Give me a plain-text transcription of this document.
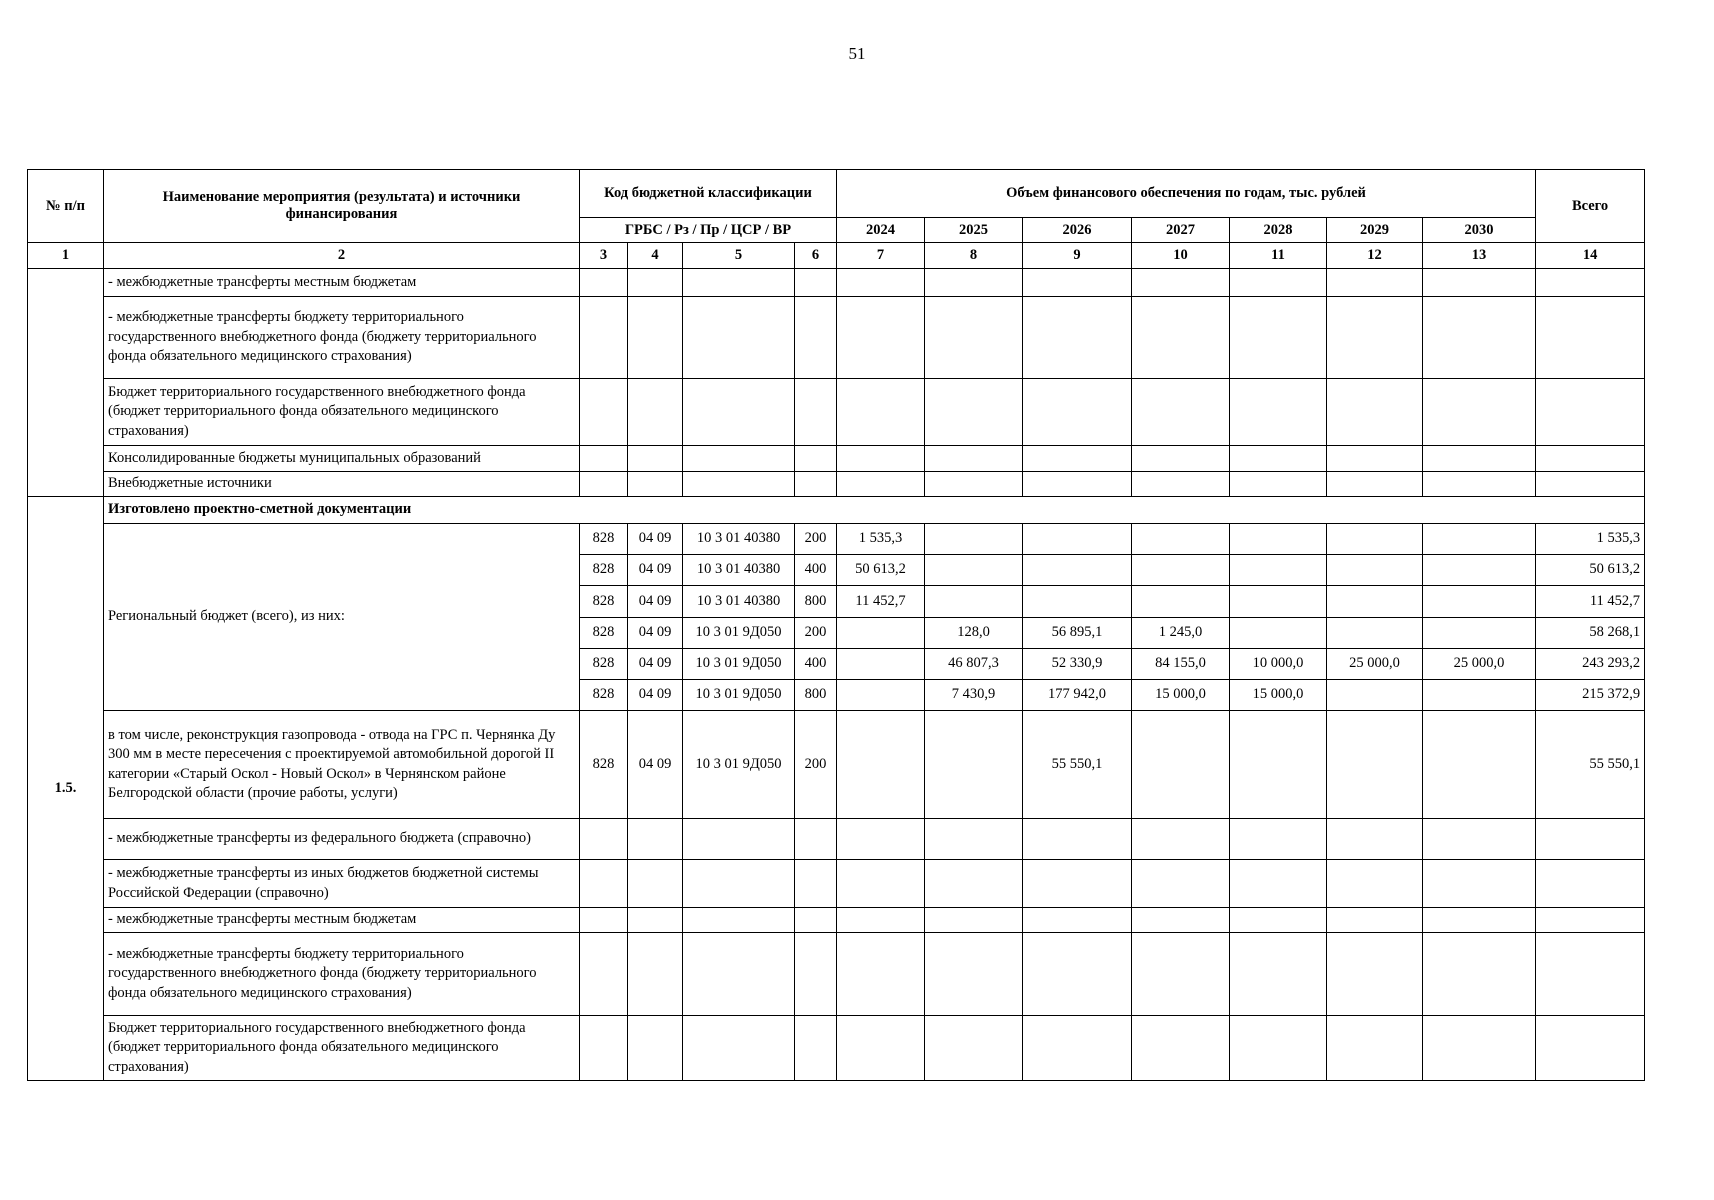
51
№ п/п	Наименование мероприятия (результата) и источники финансирования	Код бюджетной классификации				Объем финансового обеспечения по годам, тыс. рублей							Всего
		ГРБС / Рз / Пр / ЦСР / ВР				2024	2025	2026	2027	2028	2029	2030	
1	2	3	4	5	6	7	8	9	10	11	12	13	14
	- межбюджетные трансферты местным бюджетам												
	- межбюджетные трансферты бюджету территориального государственного внебюджетного фонда (бюджету территориального фонда обязательного медицинского страхования)												
	Бюджет территориального государственного внебюджетного фонда (бюджет территориального фонда обязательного медицинского страхования)												
	Консолидированные бюджеты муниципальных образований												
	Внебюджетные источники												
1.5.	Изготовлено проектно-сметной документации												
	Региональный бюджет (всего), из них:	828	04 09	10 3 01 40380	200	1 535,3							1 535,3
		828	04 09	10 3 01 40380	400	50 613,2							50 613,2
		828	04 09	10 3 01 40380	800	11 452,7							11 452,7
		828	04 09	10 3 01 9Д050	200		128,0	56 895,1	1 245,0				58 268,1
		828	04 09	10 3 01 9Д050	400		46 807,3	52 330,9	84 155,0	10 000,0	25 000,0	25 000,0	243 293,2
		828	04 09	10 3 01 9Д050	800		7 430,9	177 942,0	15 000,0	15 000,0			215 372,9
	в том числе, реконструкция газопровода - отвода на ГРС п. Чернянка Ду 300 мм в месте пересечения с проектируемой автомобильной дорогой II категории «Старый Оскол - Новый Оскол» в Чернянском районе Белгородской области (прочие работы, услуги)	828	04 09	10 3 01 9Д050	200			55 550,1					55 550,1
	- межбюджетные трансферты из федерального бюджета (справочно)												
	- межбюджетные трансферты из иных бюджетов бюджетной системы Российской Федерации (справочно)												
	- межбюджетные трансферты местным бюджетам												
	- межбюджетные трансферты бюджету территориального государственного внебюджетного фонда (бюджету территориального фонда обязательного медицинского страхования)												
	Бюджет территориального государственного внебюджетного фонда (бюджет территориального фонда обязательного медицинского страхования)												
